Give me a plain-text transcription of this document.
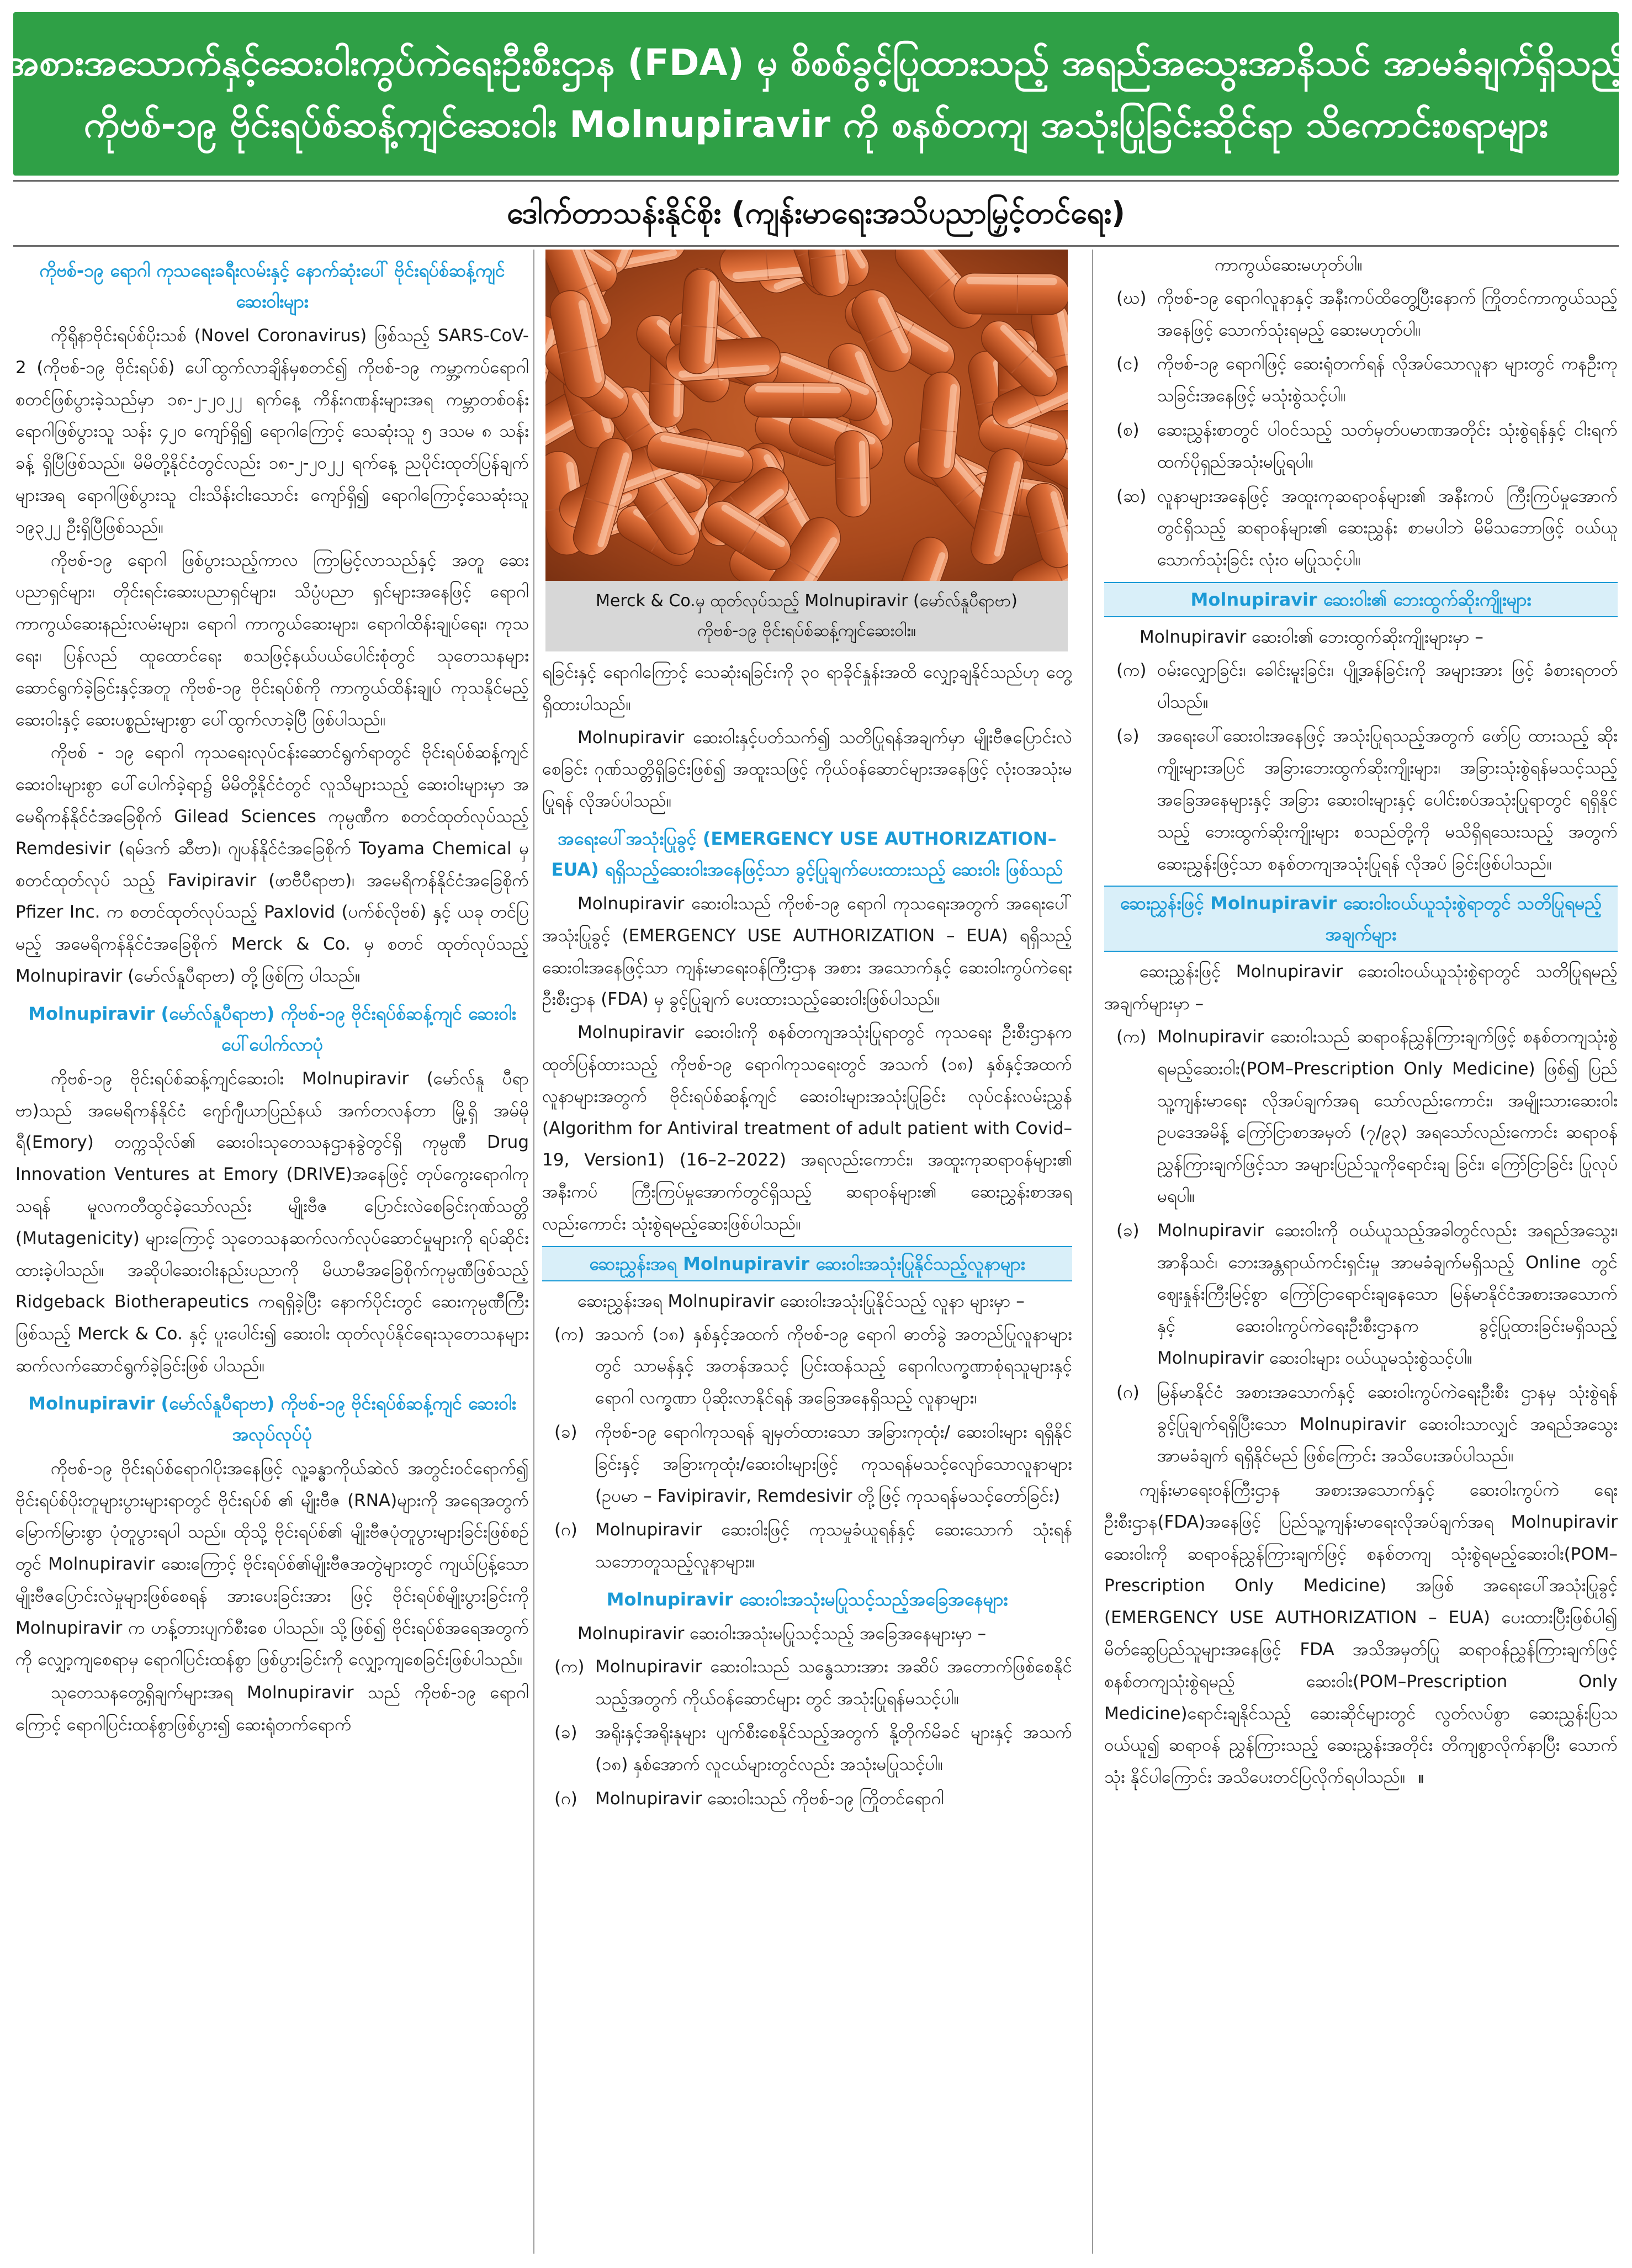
အစားအသောက်နှင့်ဆေးဝါးကွပ်ကဲရေးဦးစီးဌာန (FDA) မှ စိစစ်ခွင့်ပြုထားသည့် အရည်အသွေးအာနိသင် အာမခံချက်ရှိသည့်
ကိုဗစ်-၁၉ ဗိုင်းရပ်စ်ဆန့်ကျင်ဆေးဝါး Molnupiravir ကို စနစ်တကျ အသုံးပြုခြင်းဆိုင်ရာ သိကောင်းစရာများ
ဒေါက်တာသန်းနိုင်စိုး (ကျန်းမာရေးအသိပညာမြှင့်တင်ရေး)
ကိုဗစ်-၁၉ ရောဂါ ကုသရေးခရီးလမ်းနှင့် နောက်ဆုံးပေါ် ဗိုင်းရပ်စ်ဆန့်ကျင်ဆေးဝါးများ

ကိုရိုနာဗိုင်းရပ်စ်ပိုးသစ် (Novel Coronavirus) ဖြစ်သည့် SARS-CoV-2 (ကိုဗစ်-၁၉ ဗိုင်းရပ်စ်) ပေါ်ထွက်လာချိန်မှစတင်၍ ကိုဗစ်-၁၉ ကမ္ဘာ့ကပ်ရောဂါ စတင်ဖြစ်ပွားခဲ့သည်မှာ ၁၈-၂-၂၀၂၂ ရက်နေ့ ကိန်းဂဏန်းများအရ ကမ္ဘာတစ်ဝန်း ရောဂါဖြစ်ပွားသူ သန်း ၄၂၀ ကျော်ရှိ၍ ရောဂါကြောင့် သေဆုံးသူ ၅ ဒသမ ၈ သန်းခန့် ရှိပြီဖြစ်သည်။ မိမိတို့နိုင်ငံတွင်လည်း ၁၈-၂-၂၀၂၂ ရက်နေ့ ညပိုင်းထုတ်ပြန်ချက်များအရ ရောဂါဖြစ်ပွားသူ ငါးသိန်းငါးသောင်း ကျော်ရှိ၍ ရောဂါကြောင့်သေဆုံးသူ ၁၉၃၂၂ ဦးရှိပြီဖြစ်သည်။

ကိုဗစ်-၁၉ ရောဂါ ဖြစ်ပွားသည့်ကာလ ကြာမြင့်လာသည်နှင့် အတူ ဆေးပညာရှင်များ၊ တိုင်းရင်းဆေးပညာရှင်များ၊ သိပ္ပံပညာ ရှင်များအနေဖြင့် ရောဂါကာကွယ်ဆေးနည်းလမ်းများ၊ ရောဂါ ကာကွယ်ဆေးများ၊ ရောဂါထိန်းချုပ်ရေး၊ ကုသရေး၊ ပြန်လည် ထူထောင်ရေး စသဖြင့်နယ်ပယ်ပေါင်းစုံတွင် သုတေသနများ ဆောင်ရွက်ခဲ့ခြင်းနှင့်အတူ ကိုဗစ်-၁၉ ဗိုင်းရပ်စ်ကို ကာကွယ်ထိန်းချုပ် ကုသနိုင်မည့် ဆေးဝါးနှင့် ဆေးပစ္စည်းများစွာ ပေါ်ထွက်လာခဲ့ပြီ ဖြစ်ပါသည်။

ကိုဗစ် - ၁၉ ရောဂါ ကုသရေးလုပ်ငန်းဆောင်ရွက်ရာတွင် ဗိုင်းရပ်စ်ဆန့်ကျင်ဆေးဝါးများစွာ ပေါ်ပေါက်ခဲ့ရာ၌ မိမိတို့နိုင်ငံတွင် လူသိများသည့် ဆေးဝါးများမှာ အမေရိကန်နိုင်ငံအခြေစိုက် Gilead Sciences ကုမ္ပဏီက စတင်ထုတ်လုပ်သည့် Remdesivir (ရမ်ဒက် ဆီဗာ)၊ ဂျပန်နိုင်ငံအခြေစိုက် Toyama Chemical မှစတင်ထုတ်လုပ် သည့် Favipiravir (ဖာဗီပီရာဗာ)၊ အမေရိကန်နိုင်ငံအခြေစိုက် Pfizer Inc. က စတင်ထုတ်လုပ်သည့် Paxlovid (ပက်စ်လိုဗစ်) နှင့် ယခု တင်ပြမည့် အမေရိကန်နိုင်ငံအခြေစိုက် Merck & Co. မှ စတင် ထုတ်လုပ်သည့် Molnupiravir (မော်လ်နူပီရာဗာ) တို့ဖြစ်ကြ ပါသည်။

Molnupiravir (မော်လ်နူပီရာဗာ) ကိုဗစ်-၁၉ ဗိုင်းရပ်စ်ဆန့်ကျင် ဆေးဝါးပေါ်ပေါက်လာပုံ

ကိုဗစ်-၁၉ ဗိုင်းရပ်စ်ဆန့်ကျင်ဆေးဝါး Molnupiravir (မော်လ်နူ ပီရာဗာ)သည် အမေရိကန်နိုင်ငံ ဂျော်ဂျီယာပြည်နယ် အက်တလန်တာ မြို့ရှိ အမ်မိုရီ(Emory) တက္ကသိုလ်၏ ဆေးဝါးသုတေသနဌာနခွဲတွင်ရှိ ကုမ္ပဏီ Drug Innovation Ventures at Emory (DRIVE)အနေဖြင့် တုပ်ကွေးရောဂါကုသရန် မူလကတီထွင်ခဲ့သော်လည်း မျိုးဗီဇ ပြောင်းလဲစေခြင်းဂုဏ်သတ္တိ (Mutagenicity) များကြောင့် သုတေသနဆက်လက်လုပ်ဆောင်မှုများကို ရပ်ဆိုင်းထားခဲ့ပါသည်။ အဆိုပါဆေးဝါးနည်းပညာကို မိယာမီအခြေစိုက်ကုမ္ပဏီဖြစ်သည့် Ridgeback Biotherapeutics ကရရှိခဲ့ပြီး နောက်ပိုင်းတွင် ဆေးကုမ္ပဏီကြီးဖြစ်သည့် Merck & Co. နှင့် ပူးပေါင်း၍ ဆေးဝါး ထုတ်လုပ်နိုင်ရေးသုတေသနများ ဆက်လက်ဆောင်ရွက်ခဲ့ခြင်းဖြစ် ပါသည်။

Molnupiravir (မော်လ်နူပီရာဗာ) ကိုဗစ်-၁၉ ဗိုင်းရပ်စ်ဆန့်ကျင် ဆေးဝါးအလုပ်လုပ်ပုံ

ကိုဗစ်-၁၉ ဗိုင်းရပ်စ်ရောဂါပိုးအနေဖြင့် လူ့ခန္ဓာကိုယ်ဆဲလ် အတွင်းဝင်ရောက်၍ ဗိုင်းရပ်စ်ပိုးတူများပွားများရာတွင် ဗိုင်းရပ်စ် ၏ မျိုးဗီဇ (RNA)များကို အရေအတွက်မြောက်မြားစွာ ပုံတူပွားရပါ သည်။ ထိုသို့ ဗိုင်းရပ်စ်၏ မျိုးဗီဇပုံတူပွားများခြင်းဖြစ်စဉ်တွင် Molnupiravir ဆေးကြောင့် ဗိုင်းရပ်စ်၏မျိုးဗီဇအတွဲများတွင် ကျယ်ပြန့်သော မျိုးဗီဇပြောင်းလဲမှုများဖြစ်စေရန် အားပေးခြင်းအား ဖြင့် ဗိုင်းရပ်စ်မျိုးပွားခြင်းကို Molnupiravir က ဟန့်တားပျက်စီးစေ ပါသည်။ သို့ဖြစ်၍ ဗိုင်းရပ်စ်အရေအတွက်ကို လျှော့ကျစေရာမှ ရောဂါပြင်းထန်စွာ ဖြစ်ပွားခြင်းကို လျှော့ကျစေခြင်းဖြစ်ပါသည်။

သုတေသနတွေ့ရှိချက်များအရ Molnupiravir သည် ကိုဗစ်-၁၉ ရောဂါကြောင့် ရောဂါပြင်းထန်စွာဖြစ်ပွား၍ ဆေးရုံတက်ရောက်

Merck & Co.မှ ထုတ်လုပ်သည့် Molnupiravir (မော်လ်နူပီရာဗာ)
ကိုဗစ်-၁၉ ဗိုင်းရပ်စ်ဆန့်ကျင်ဆေးဝါး။

ရခြင်းနှင့် ရောဂါကြောင့် သေဆုံးရခြင်းကို ၃၀ ရာခိုင်နှုန်းအထိ လျှော့ချနိုင်သည်ဟု တွေ့ရှိထားပါသည်။

Molnupiravir ဆေးဝါးနှင့်ပတ်သက်၍ သတိပြုရန်အချက်မှာ မျိုးဗီဇပြောင်းလဲစေခြင်း ဂုဏ်သတ္တိရှိခြင်းဖြစ်၍ အထူးသဖြင့် ကိုယ်ဝန်ဆောင်များအနေဖြင့် လုံးဝအသုံးမပြုရန် လိုအပ်ပါသည်။

အရေးပေါ်အသုံးပြုခွင့် (EMERGENCY USE AUTHORIZATION–EUA) ရရှိသည့်ဆေးဝါးအနေဖြင့်သာ ခွင့်ပြုချက်ပေးထားသည့် ဆေးဝါး ဖြစ်သည်

Molnupiravir ဆေးဝါးသည် ကိုဗစ်-၁၉ ရောဂါ ကုသရေးအတွက် အရေးပေါ်အသုံးပြုခွင့် (EMERGENCY USE AUTHORIZATION – EUA) ရရှိသည့် ဆေးဝါးအနေဖြင့်သာ ကျန်းမာရေးဝန်ကြီးဌာန အစား အသောက်နှင့် ဆေးဝါးကွပ်ကဲရေးဦးစီးဌာန (FDA) မှ ခွင့်ပြုချက် ပေးထားသည့်ဆေးဝါးဖြစ်ပါသည်။

Molnupiravir ဆေးဝါးကို စနစ်တကျအသုံးပြုရာတွင် ကုသရေး ဦးစီးဌာနက ထုတ်ပြန်ထားသည့် ကိုဗစ်-၁၉ ရောဂါကုသရေးတွင် အသက် (၁၈) နှစ်နှင့်အထက် လူနာများအတွက် ဗိုင်းရပ်စ်ဆန့်ကျင် ဆေးဝါးများအသုံးပြုခြင်း လုပ်ငန်းလမ်းညွှန် (Algorithm for Antiviral treatment of adult patient with Covid–19, Version1) (16–2–2022) အရလည်းကောင်း၊ အထူးကုဆရာဝန်များ၏ အနီးကပ် ကြီးကြပ်မှုအောက်တွင်ရှိသည့် ဆရာဝန်များ၏ ဆေးညွှန်းစာအရ လည်းကောင်း သုံးစွဲရမည့်ဆေးဖြစ်ပါသည်။

ဆေးညွှန်းအရ Molnupiravir ဆေးဝါးအသုံးပြုနိုင်သည့်လူနာများ

ဆေးညွှန်းအရ Molnupiravir ဆေးဝါးအသုံးပြုနိုင်သည့် လူနာ များမှာ –

(က) အသက် (၁၈) နှစ်နှင့်အထက် ကိုဗစ်-၁၉ ရောဂါ ဓာတ်ခွဲ အတည်ပြုလူနာများတွင် သာမန်နှင့် အတန်အသင့် ပြင်းထန်သည့် ရောဂါလက္ခဏာစုံရသူများနှင့် ရောဂါ လက္ခဏာ ပိုဆိုးလာနိုင်ရန် အခြေအနေရှိသည့် လူနာများ၊
(ခ)	ကိုဗစ်-၁၉ ရောဂါကုသရန် ချမှတ်ထားသော အခြားကုထုံး/ ဆေးဝါးများ ရရှိနိုင်ခြင်းနှင့် အခြားကုထုံး/ဆေးဝါးများဖြင့် ကုသရန်မသင့်လျော်သောလူနာများ (ဥပမာ – Favipiravir, Remdesivir တို့ဖြင့် ကုသရန်မသင့်တော်ခြင်း)
(ဂ)	Molnupiravir ဆေးဝါးဖြင့် ကုသမှုခံယူရန်နှင့် ဆေးသောက် သုံးရန် သဘောတူသည့်လူနာများ။
Molnupiravir ဆေးဝါးအသုံးမပြုသင့်သည့်အခြေအနေများ

Molnupiravir ဆေးဝါးအသုံးမပြုသင့်သည့် အခြေအနေများမှာ –

(က) Molnupiravir ဆေးဝါးသည် သန္ဓေသားအား အဆိပ် အတောက်ဖြစ်စေနိုင်သည့်အတွက် ကိုယ်ဝန်ဆောင်များ တွင် အသုံးပြုရန်မသင့်ပါ။
(ခ)	အရိုးနှင့်အရိုးနုများ ပျက်စီးစေနိုင်သည့်အတွက် နို့တိုက်မိခင် များနှင့် အသက် (၁၈) နှစ်အောက် လူငယ်များတွင်လည်း အသုံးမပြုသင့်ပါ။
(ဂ)	Molnupiravir ဆေးဝါးသည် ကိုဗစ်-၁၉ ကြိုတင်ရောဂါ

ကာကွယ်ဆေးမဟုတ်ပါ။

(ဃ) ကိုဗစ်-၁၉ ရောဂါလူနာနှင့် အနီးကပ်ထိတွေ့ပြီးနောက် ကြိုတင်ကာကွယ်သည့်အနေဖြင့် သောက်သုံးရမည့် ဆေးမဟုတ်ပါ။
(င)	ကိုဗစ်-၁၉ ရောဂါဖြင့် ဆေးရုံတက်ရန် လိုအပ်သောလူနာ များတွင် ကနဦးကုသခြင်းအနေဖြင့် မသုံးစွဲသင့်ပါ။
(စ)	ဆေးညွှန်းစာတွင် ပါဝင်သည့် သတ်မှတ်ပမာဏအတိုင်း သုံးစွဲရန်နှင့် ငါးရက်ထက်ပိုရှည်အသုံးမပြုရပါ။
(ဆ) လူနာများအနေဖြင့် အထူးကုဆရာဝန်များ၏ အနီးကပ် ကြီးကြပ်မှုအောက်တွင်ရှိသည့် ဆရာဝန်များ၏ ဆေးညွှန်း စာမပါဘဲ မိမိသဘောဖြင့် ဝယ်ယူသောက်သုံးခြင်း လုံးဝ မပြုသင့်ပါ။
Molnupiravir ဆေးဝါး၏ ဘေးထွက်ဆိုးကျိုးများ

Molnupiravir ဆေးဝါး၏ ဘေးထွက်ဆိုးကျိုးများမှာ –

(က) ဝမ်းလျှောခြင်း၊ ခေါင်းမူးခြင်း၊ ပျို့အန်ခြင်းကို အများအား ဖြင့် ခံစားရတတ်ပါသည်။
(ခ)	အရေးပေါ်ဆေးဝါးအနေဖြင့် အသုံးပြုရသည့်အတွက် ဖော်ပြ ထားသည့် ဆိုးကျိုးများအပြင် အခြားဘေးထွက်ဆိုးကျိုးများ၊ အခြားသုံးစွဲရန်မသင့်သည့် အခြေအနေများနှင့် အခြား ဆေးဝါးများနှင့် ပေါင်းစပ်အသုံးပြုရာတွင် ရရှိနိုင်သည့် ဘေးထွက်ဆိုးကျိုးများ စသည်တို့ကို မသိရှိရသေးသည့် အတွက် ဆေးညွှန်းဖြင့်သာ စနစ်တကျအသုံးပြုရန် လိုအပ် ခြင်းဖြစ်ပါသည်။
ဆေးညွှန်းဖြင့် Molnupiravir ဆေးဝါးဝယ်ယူသုံးစွဲရာတွင် သတိပြုရမည့်အချက်များ

ဆေးညွှန်းဖြင့် Molnupiravir ဆေးဝါးဝယ်ယူသုံးစွဲရာတွင် သတိပြုရမည့်အချက်များမှာ –

(က) Molnupiravir ဆေးဝါးသည် ဆရာဝန်ညွှန်ကြားချက်ဖြင့် စနစ်တကျသုံးစွဲရမည့်ဆေးဝါး(POM–Prescription Only Medicine) ဖြစ်၍ ပြည်သူ့ကျန်းမာရေး လိုအပ်ချက်အရ သော်လည်းကောင်း၊ အမျိုးသားဆေးဝါး ဥပဒေအမိန့် ကြော်ငြာစာအမှတ် (၇/၉၃) အရသော်လည်းကောင်း ဆရာဝန်ညွှန်ကြားချက်ဖြင့်သာ အများပြည်သူကိုရောင်းချ ခြင်း၊ ကြော်ငြာခြင်း ပြုလုပ်မရပါ။
(ခ)	Molnupiravir ဆေးဝါးကို ဝယ်ယူသည့်အခါတွင်လည်း အရည်အသွေး၊ အာနိသင်၊ ဘေးအန္တရာယ်ကင်းရှင်းမှု အာမခံချက်မရှိသည့် Online တွင် ဈေးနှုန်းကြီးမြင့်စွာ ကြော်ငြာရောင်းချနေသော မြန်မာနိုင်ငံအစားအသောက်နှင့် ဆေးဝါးကွပ်ကဲရေးဦးစီးဌာနက ခွင့်ပြုထားခြင်းမရှိသည့် Molnupiravir ဆေးဝါးများ ဝယ်ယူမသုံးစွဲသင့်ပါ။
(ဂ)	မြန်မာနိုင်ငံ အစားအသောက်နှင့် ဆေးဝါးကွပ်ကဲရေးဦးစီး ဌာနမှ သုံးစွဲရန်ခွင့်ပြုချက်ရရှိပြီးသော Molnupiravir ဆေးဝါးသာလျှင် အရည်အသွေးအာမခံချက် ရရှိနိုင်မည် ဖြစ်ကြောင်း အသိပေးအပ်ပါသည်။

ကျန်းမာရေးဝန်ကြီးဌာန အစားအသောက်နှင့် ဆေးဝါးကွပ်ကဲ ရေးဦးစီးဌာန(FDA)အနေဖြင့် ပြည်သူ့ကျန်းမာရေးလိုအပ်ချက်အရ Molnupiravir ဆေးဝါးကို ဆရာဝန်ညွှန်ကြားချက်ဖြင့် စနစ်တကျ သုံးစွဲရမည့်ဆေးဝါး(POM–Prescription Only Medicine) အဖြစ် အရေးပေါ်အသုံးပြုခွင့် (EMERGENCY USE AUTHORIZATION – EUA) ပေးထားပြီးဖြစ်ပါ၍ မိတ်ဆွေပြည်သူများအနေဖြင့် FDA အသိအမှတ်ပြု ဆရာဝန်ညွှန်ကြားချက်ဖြင့် စနစ်တကျသုံးစွဲရမည့် ဆေးဝါး(POM–Prescription Only Medicine)ရောင်းချနိုင်သည့် ဆေးဆိုင်များတွင် လွတ်လပ်စွာ ဆေးညွှန်းပြသဝယ်ယူ၍ ဆရာဝန် ညွှန်ကြားသည့် ဆေးညွှန်းအတိုင်း တိကျစွာလိုက်နာပြီး သောက်သုံး နိုင်ပါကြောင်း အသိပေးတင်ပြလိုက်ရပါသည်။ ။
